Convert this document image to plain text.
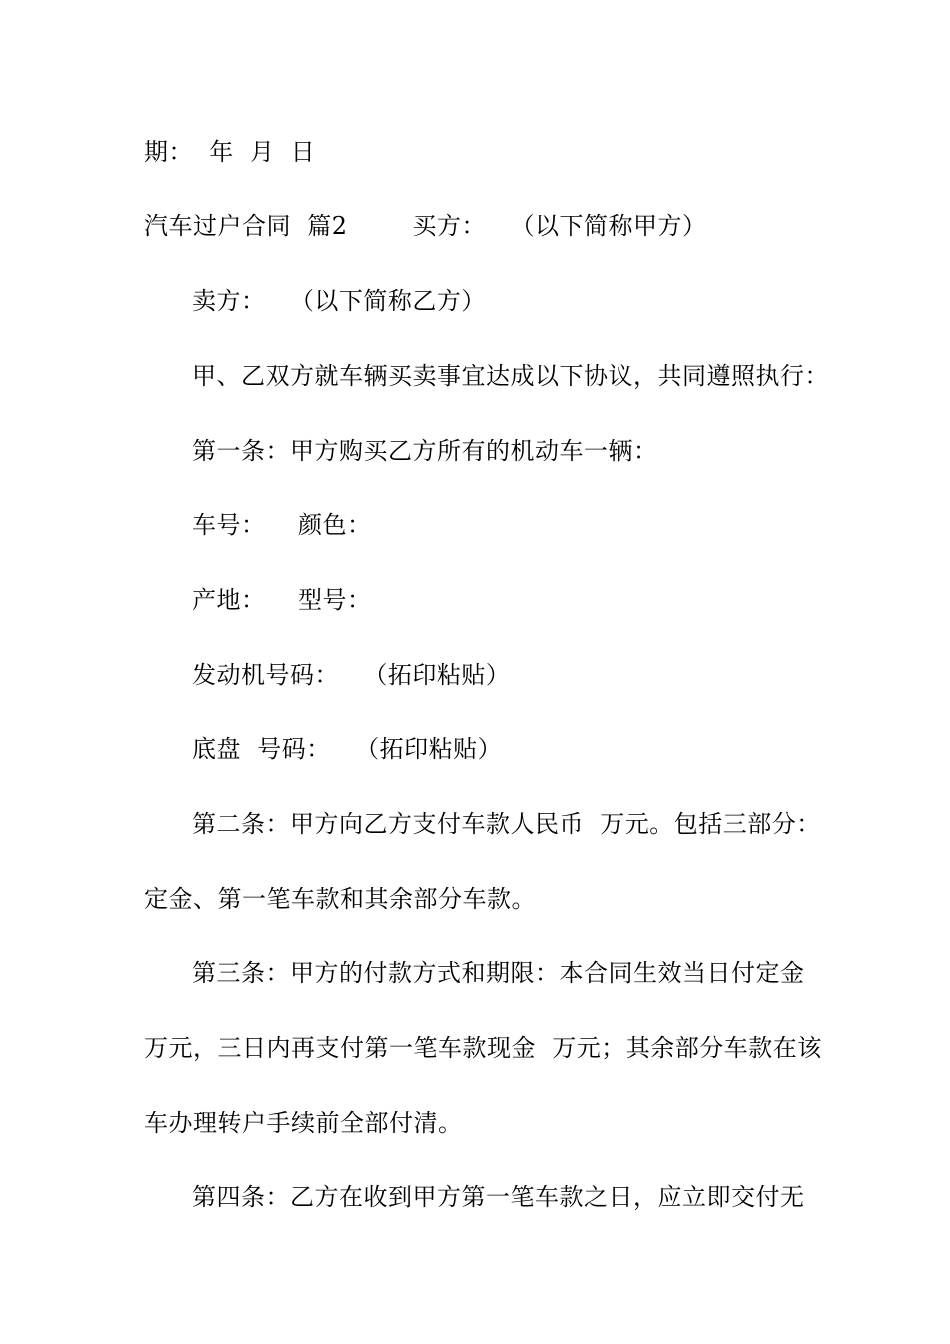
期：  年  月  日
汽车过户合同  篇2        买方：   （以下简称甲方）
卖方：   （以下简称乙方）
甲、乙双方就车辆买卖事宜达成以下协议，共同遵照执行：
第一条：甲方购买乙方所有的机动车一辆：
车号：    颜色：
产地：    型号：
发动机号码：   （拓印粘贴）
底盘  号码：   （拓印粘贴）
第二条：甲方向乙方支付车款人民币  万元。包括三部分：
定金、第一笔车款和其余部分车款。
第三条：甲方的付款方式和期限：本合同生效当日付定金
万元，三日内再支付第一笔车款现金  万元；其余部分车款在该
车办理转户手续前全部付清。
第四条：乙方在收到甲方第一笔车款之日，应立即交付无
